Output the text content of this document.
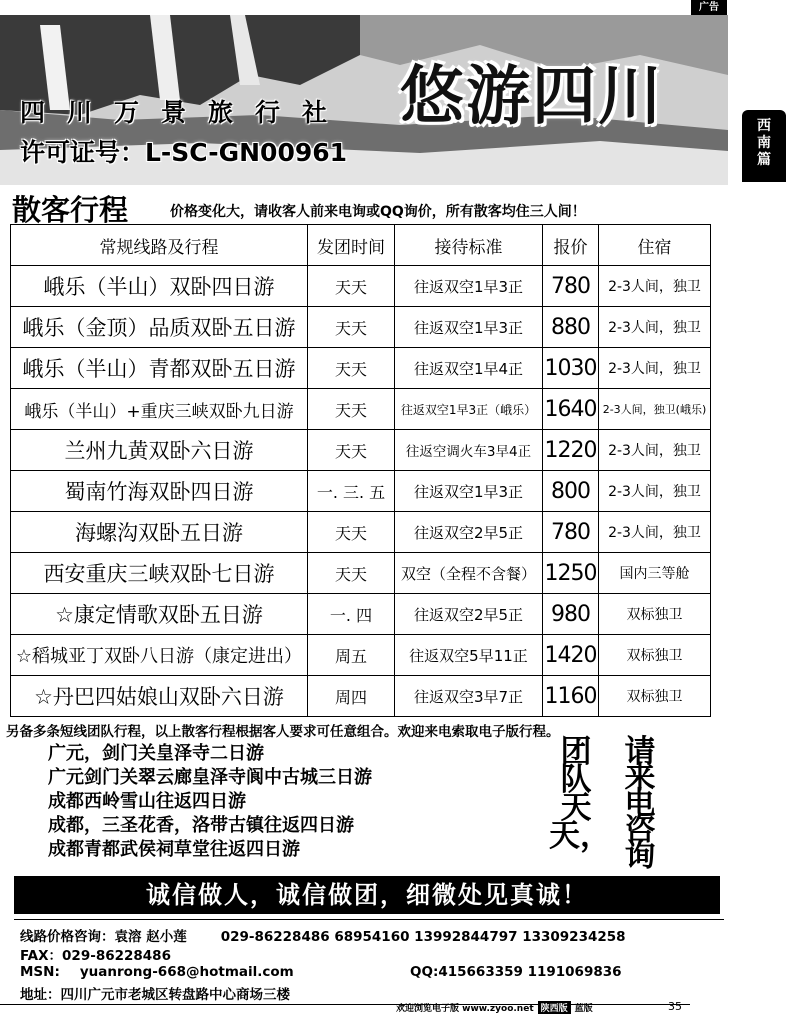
广告
四川万景旅行社
许可证号：L-SC-GN00961
悠游四川	西
南
篇
散客行程	价格变化大，请收客人前来电询或QQ询价，所有散客均住三人间！
常规线路及行程	发团时间	接待标准	报价	住宿
峨乐（半山）双卧四日游	天天	往返双空1早3正	780	2-3人间，独卫
峨乐（金顶）品质双卧五日游	天天	往返双空1早3正	880	2-3人间，独卫
峨乐（半山）青都双卧五日游	天天	往返双空1早4正	1030	2-3人间，独卫
峨乐（半山）+重庆三峡双卧九日游	天天	往返双空1早3正（峨乐）	1640	2-3人间，独卫(峨乐)
兰州九黄双卧六日游	天天	往返空调火车3早4正	1220	2-3人间，独卫
蜀南竹海双卧四日游	一. 三. 五	往返双空1早3正	800	2-3人间，独卫
海螺沟双卧五日游	天天	往返双空2早5正	780	2-3人间，独卫
西安重庆三峡双卧七日游	天天	双空（全程不含餐）	1250	国内三等舱
☆康定情歌双卧五日游	一. 四	往返双空2早5正	980	双标独卫
☆稻城亚丁双卧八日游（康定进出）	周五	往返双空5早11正	1420	双标独卫
☆丹巴四姑娘山双卧六日游	周四	往返双空3早7正	1160	双标独卫
另备多条短线团队行程，以上散客行程根据客人要求可任意组合。欢迎来电索取电子版行程。
广元，剑门关皇泽寺二日游
广元剑门关翠云廊皇泽寺阆中古城三日游
成都西岭雪山往返四日游
成都，三圣花香，洛带古镇往返四日游
成都青都武侯祠草堂往返四日游
团
队
天
天，
请
来
电
咨
询
诚信做人，诚信做团，细微处见真诚！
线路价格咨询：袁溶 赵小莲	029-86228486 68954160 13992844797 13309234258
FAX：029-86228486
MSN: yuanrong-668@hotmail.com	QQ:415663359 1191069836
地址：四川广元市老城区转盘路中心商场三楼
欢迎浏览电子版 www.zyoo.net 陕西版 蓝版	35
